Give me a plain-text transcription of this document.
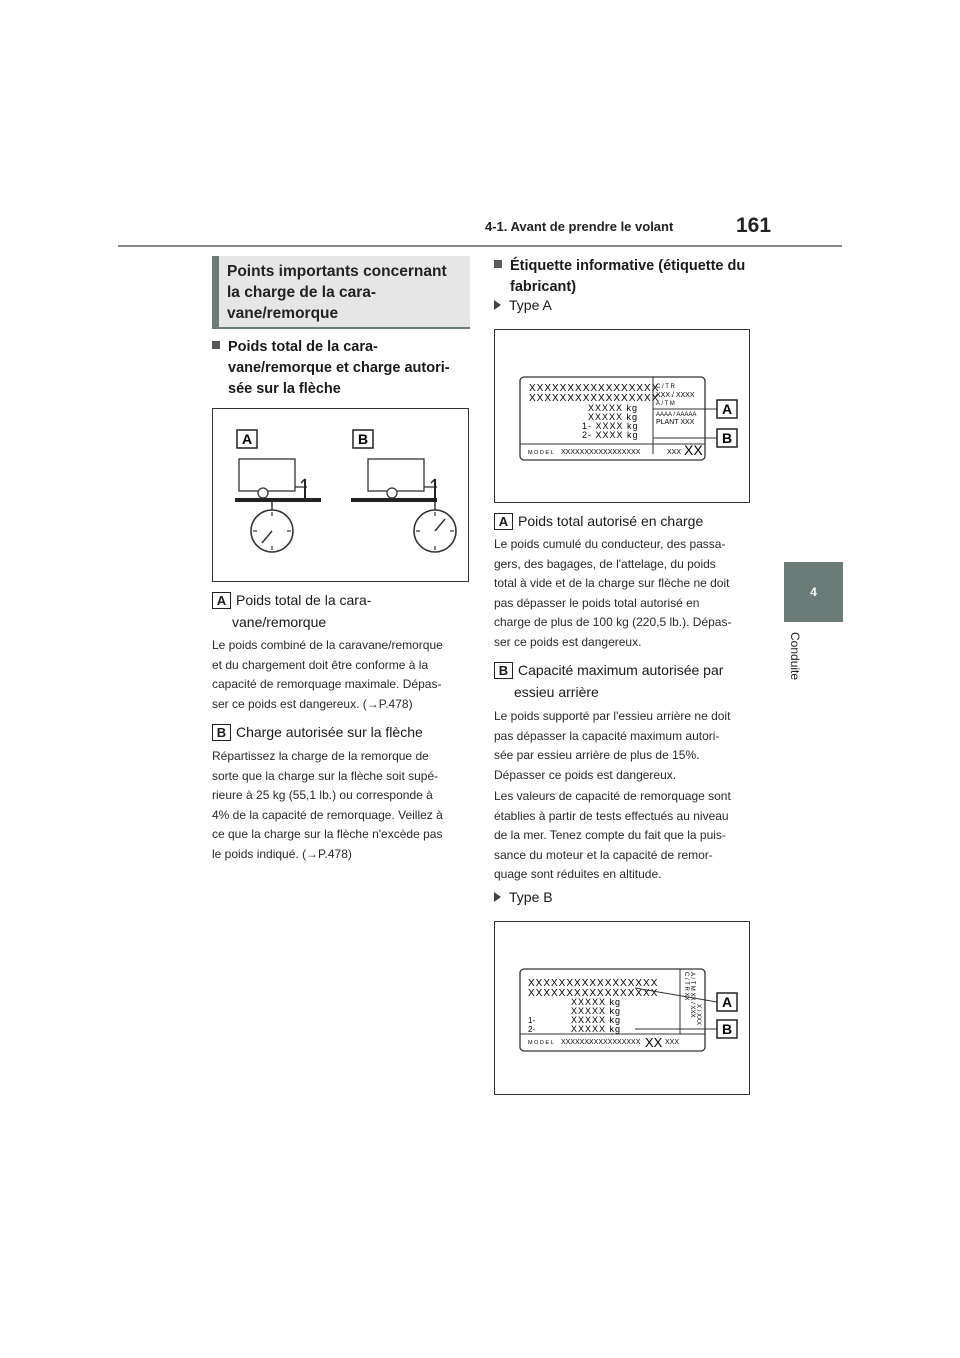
4-1. Avant de prendre le volant	161
4
Conduite
Points importants concernant
la charge de la cara-
vane/remorque
Poids total de la cara-
vane/remorque et charge autori-
sée sur la flèche
A	B
A Poids total de la cara-
vane/remorque
Le poids combiné de la caravane/remorque
et du chargement doit être conforme à la
capacité de remorquage maximale. Dépas-
ser ce poids est dangereux. (→P.478)
B Charge autorisée sur la flèche
Répartissez la charge de la remorque de
sorte que la charge sur la flèche soit supé-
rieure à 25 kg (55,1 lb.) ou corresponde à
4% de la capacité de remorquage. Veillez à
ce que la charge sur la flèche n'excède pas
le poids indiqué. (→P.478)
Étiquette informative (étiquette du
fabricant)
Type A
XXXXXXXXXXXXXXXXX
XXXXXXXXXXXXXXXXX
XXXXX kg
XXXXX kg
1- XXXX kg
2- XXXX kg
C / T R
XXX / XXXX
A / T M
AAAA / AAAAA
PLANT XXX
M O D E L XXXXXXXXXXXXXXXXX	XXX XX
A
B
A Poids total autorisé en charge
Le poids cumulé du conducteur, des passa-
gers, des bagages, de l'attelage, du poids
total à vide et de la charge sur flèche ne doit
pas dépasser le poids total autorisé en
charge de plus de 100 kg (220,5 lb.). Dépas-
ser ce poids est dangereux.
B Capacité maximum autorisée par
essieu arrière
Le poids supporté par l'essieu arrière ne doit
pas dépasser la capacité maximum autori-
sée par essieu arrière de plus de 15%.
Dépasser ce poids est dangereux.
Les valeurs de capacité de remorquage sont
établies à partir de tests effectués au niveau
de la mer. Tenez compte du fait que la puis-
sance du moteur et la capacité de remor-
quage sont réduites en altitude.
Type B
XXXXXXXXXXXXXXXXX
XXXXXXXXXXXXXXXXX
XXXXX kg
XXXXX kg
XXXXX kg
XXXXX kg
1-
2-
C / T R XX A / T M XX / XXX X / XXX
M O D E L XXXXXXXXXXXXXXXXX XX XXX
A
B
